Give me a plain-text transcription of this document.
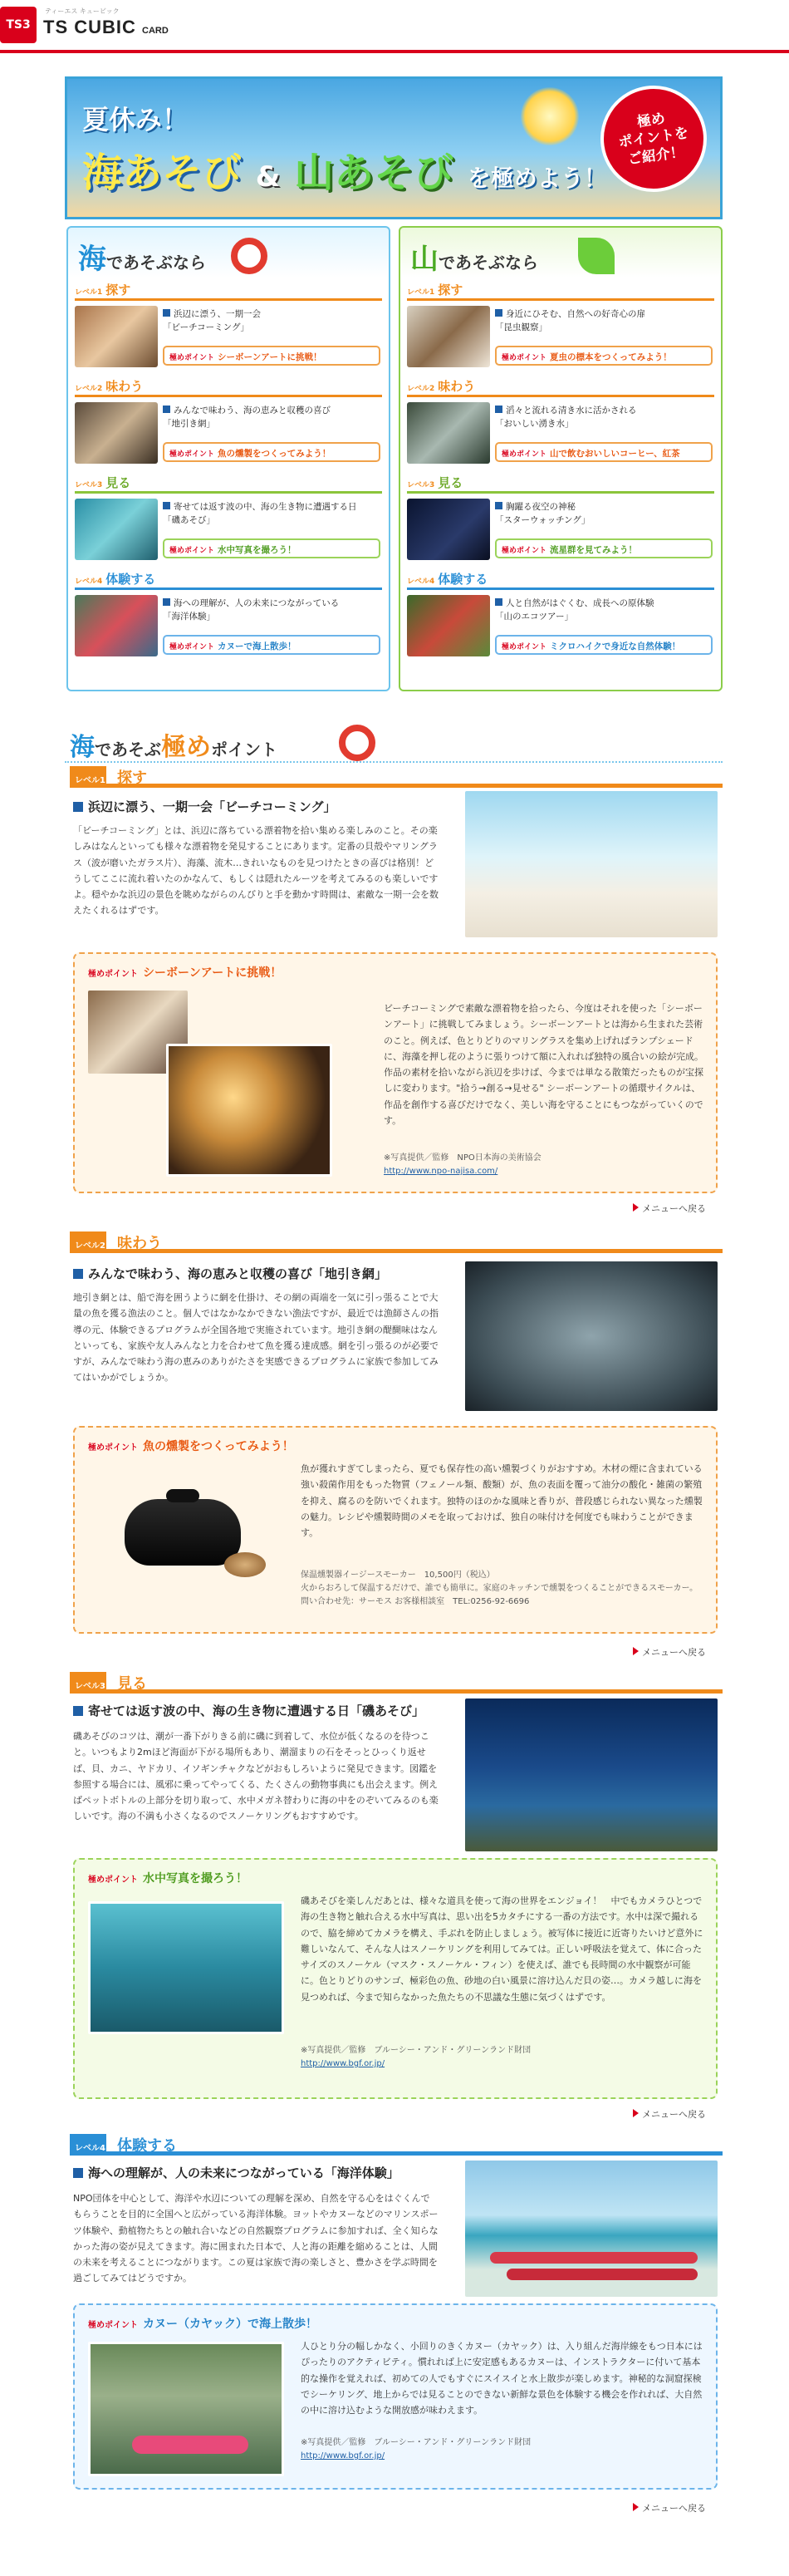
TS3
ティーエス キュービック
TS CUBIC CARD
夏休み！
海あそび & 山あそび を極めよう！
極め
ポイントを
ご紹介！
海であそぶなら
レベル1 探す
浜辺に漂う、一期一会
「ビーチコーミング」
極めポイント シーボーンアートに挑戦！
レベル2 味わう
みんなで味わう、海の恵みと収穫の喜び
「地引き網」
極めポイント 魚の燻製をつくってみよう！
レベル3 見る
寄せては返す波の中、海の生き物に遭遇する日
「磯あそび」
極めポイント 水中写真を撮ろう！
レベル4 体験する
海への理解が、人の未来につながっている
「海洋体験」
極めポイント カヌーで海上散歩！
山であそぶなら
レベル1 探す
身近にひそむ、自然への好奇心の扉
「昆虫観察」
極めポイント 夏虫の標本をつくってみよう！
レベル2 味わう
滔々と流れる清き水に活かされる
「おいしい湧き水」
極めポイント 山で飲むおいしいコーヒー、紅茶
レベル3 見る
胸躍る夜空の神秘
「スターウォッチング」
極めポイント 流星群を見てみよう！
レベル4 体験する
人と自然がはぐくむ、成長への原体験
「山のエコツアー」
極めポイント ミクロハイクで身近な自然体験！
海であそぶ極めポイント
レベル1 探す
浜辺に漂う、一期一会「ビーチコーミング」
「ビーチコーミング」とは、浜辺に落ちている漂着物を拾い集める楽しみのこと。その楽しみはなんといっても様々な漂着物を発見することにあります。定番の貝殻やマリングラス（波が磨いたガラス片）、海藻、流木…きれいなものを見つけたときの喜びは格別！どうしてここに流れ着いたのかなんて、もしくは隠れたルーツを考えてみるのも楽しいですよ。穏やかな浜辺の景色を眺めながらのんびりと手を動かす時間は、素敵な一期一会を数えたくれるはずです。
極めポイント シーボーンアートに挑戦！
ビーチコーミングで素敵な漂着物を拾ったら、今度はそれを使った「シーボーンアート」に挑戦してみましょう。シーボーンアートとは海から生まれた芸術のこと。例えば、色とりどりのマリングラスを集め上げればランプシェードに、海藻を押し花のように張りつけて額に入れれば独特の風合いの絵が完成。作品の素材を拾いながら浜辺を歩けば、今までは単なる散策だったものが宝探しに変わります。"拾う→創る→見せる" シーボーンアートの循環サイクルは、作品を創作する喜びだけでなく、美しい海を守ることにもつながっていくのです。
※写真提供／監修　NPO日本海の美術協会
http://www.npo-najisa.com/
メニューへ戻る
レベル2 味わう
みんなで味わう、海の恵みと収穫の喜び「地引き網」
地引き網とは、船で海を囲うように網を仕掛け、その網の両端を一気に引っ張ることで大量の魚を獲る漁法のこと。個人ではなかなかできない漁法ですが、最近では漁師さんの指導の元、体験できるプログラムが全国各地で実施されています。地引き網の醍醐味はなんといっても、家族や友人みんなと力を合わせて魚を獲る達成感。網を引っ張るのが必要ですが、みんなで味わう海の恵みのありがたさを実感できるプログラムに家族で参加してみてはいかがでしょうか。
極めポイント 魚の燻製をつくってみよう！
魚が獲れすぎてしまったら、夏でも保存性の高い燻製づくりがおすすめ。木材の煙に含まれている強い殺菌作用をもった物質（フェノール類、酸類）が、魚の表面を覆って油分の酸化・雑菌の繁殖を抑え、腐るのを防いでくれます。独特のほのかな風味と香りが、普段感じられない異なった燻製の魅力。レシピや燻製時間のメモを取っておけば、独自の味付けを何度でも味わうことができます。
保温燻製器イージースモーカー　10,500円（税込）
火からおろして保温するだけで、誰でも簡単に。家庭のキッチンで燻製をつくることができるスモーカー。
問い合わせ先：サーモス お客様相談室　TEL:0256-92-6696
メニューへ戻る
レベル3 見る
寄せては返す波の中、海の生き物に遭遇する日「磯あそび」
磯あそびのコツは、潮が一番下がりきる前に磯に到着して、水位が低くなるのを待つこと。いつもより2mほど海面が下がる場所もあり、潮溜まりの石をそっとひっくり返せば、貝、カニ、ヤドカリ、イソギンチャクなどがおもしろいように発見できます。図鑑を参照する場合には、風邪に乗ってやってくる、たくさんの動物事典にも出会えます。例えばペットボトルの上部分を切り取って、水中メガネ替わりに海の中をのぞいてみるのも楽しいです。海の不満も小さくなるのでスノーケリングもおすすめです。
極めポイント 水中写真を撮ろう！
磯あそびを楽しんだあとは、様々な道具を使って海の世界をエンジョイ！　中でもカメラひとつで海の生き物と触れ合える水中写真は、思い出を5カタチにする一番の方法です。水中は深で撮れるので、脇を締めてカメラを構え、手ぶれを防止しましょう。被写体に接近に近寄りたいけど意外に難しいなんて、そんな人はスノーケリングを利用してみては。正しい呼吸法を覚えて、体に合ったサイズのスノーケル（マスク・スノーケル・フィン）を使えば、誰でも長時間の水中観察が可能に。色とりどりのサンゴ、極彩色の魚、砂地の白い風景に溶け込んだ貝の姿…。カメラ越しに海を見つめれば、今まで知らなかった魚たちの不思議な生態に気づくはずです。
※写真提供／監修　ブルーシー・アンド・グリーンランド財団
http://www.bgf.or.jp/
メニューへ戻る
レベル4 体験する
海への理解が、人の未来につながっている「海洋体験」
NPO団体を中心として、海洋や水辺についての理解を深め、自然を守る心をはぐくんでもらうことを目的に全国へと広がっている海洋体験。ヨットやカヌーなどのマリンスポーツ体験や、動植物たちとの触れ合いなどの自然観察プログラムに参加すれば、全く知らなかった海の姿が見えてきます。海に囲まれた日本で、人と海の距離を縮めることは、人間の未来を考えることにつながります。この夏は家族で海の楽しさと、豊かさを学ぶ時間を過ごしてみてはどうですか。
極めポイント カヌー（カヤック）で海上散歩！
人ひとり分の幅しかなく、小回りのきくカヌー（カヤック）は、入り組んだ海岸線をもつ日本にはぴったりのアクティビティ。慣れれば上に安定感もあるカヌーは、インストラクターに付いて基本的な操作を覚えれば、初めての人でもすぐにスイスイと水上散歩が楽しめます。神秘的な洞窟探検でシーケリング、地上からでは見ることのできない新鮮な景色を体験する機会を作れれば、大自然の中に溶け込むような開放感が味わえます。
※写真提供／監修　ブルーシー・アンド・グリーンランド財団
http://www.bgf.or.jp/
メニューへ戻る
